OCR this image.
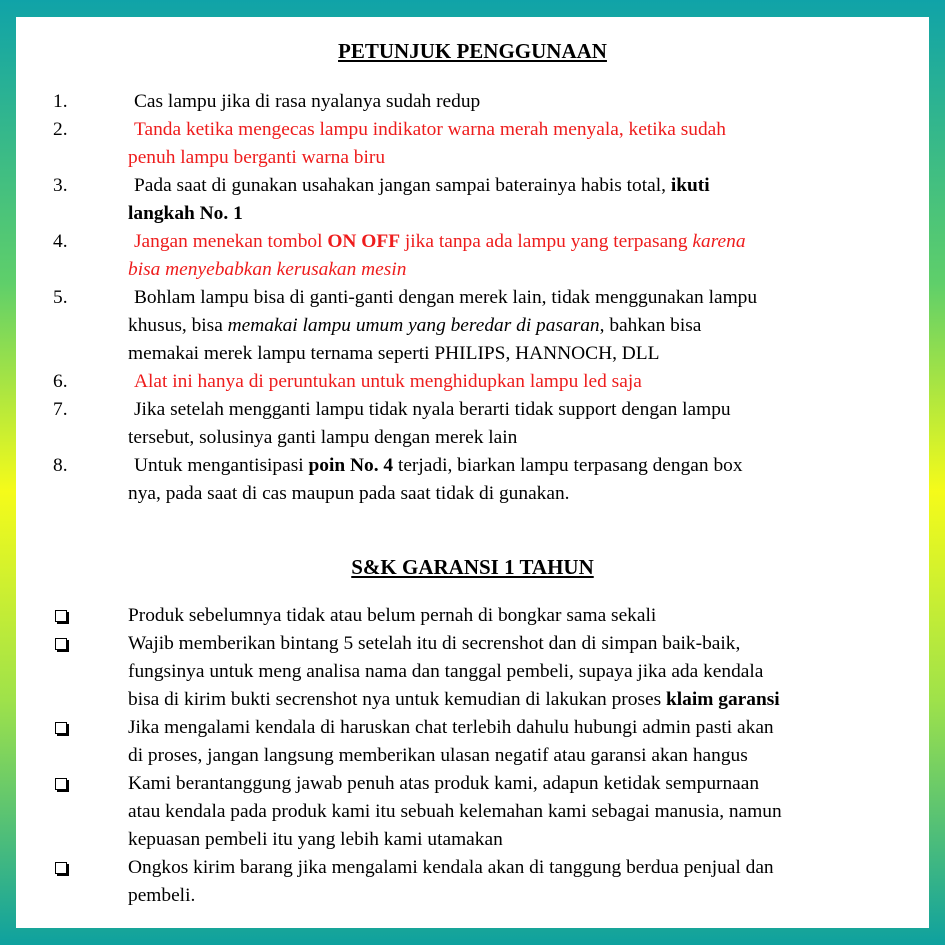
PETUNJUK PENGGUNAAN
1.	Cas lampu jika di rasa nyalanya sudah redup
2.	Tanda ketika mengecas lampu indikator warna merah menyala, ketika sudah
penuh lampu berganti warna biru
3.	Pada saat di gunakan usahakan jangan sampai baterainya habis total, ikuti
langkah No. 1
4.	Jangan menekan tombol ON OFF jika tanpa ada lampu yang terpasang karena
bisa menyebabkan kerusakan mesin
5.	Bohlam lampu bisa di ganti-ganti dengan merek lain, tidak menggunakan lampu
khusus, bisa memakai lampu umum yang beredar di pasaran, bahkan bisa
memakai merek lampu ternama seperti PHILIPS, HANNOCH, DLL
6.	Alat ini hanya di peruntukan untuk menghidupkan lampu led saja
7.	Jika setelah mengganti lampu tidak nyala berarti tidak support dengan lampu
tersebut, solusinya ganti lampu dengan merek lain
8.	Untuk mengantisipasi poin No. 4 terjadi, biarkan lampu terpasang dengan box
nya, pada saat di cas maupun pada saat tidak di gunakan.
S&K GARANSI 1 TAHUN
Produk sebelumnya tidak atau belum pernah di bongkar sama sekali
Wajib memberikan bintang 5 setelah itu di secrenshot dan di simpan baik-baik,
fungsinya untuk meng analisa nama dan tanggal pembeli, supaya jika ada kendala
bisa di kirim bukti secrenshot nya untuk kemudian di lakukan proses klaim garansi
Jika mengalami kendala di haruskan chat terlebih dahulu hubungi admin pasti akan
di proses, jangan langsung memberikan ulasan negatif atau garansi akan hangus
Kami berantanggung jawab penuh atas produk kami, adapun ketidak sempurnaan
atau kendala pada produk kami itu sebuah kelemahan kami sebagai manusia, namun
kepuasan pembeli itu yang lebih kami utamakan
Ongkos kirim barang jika mengalami kendala akan di tanggung berdua penjual dan
pembeli.
